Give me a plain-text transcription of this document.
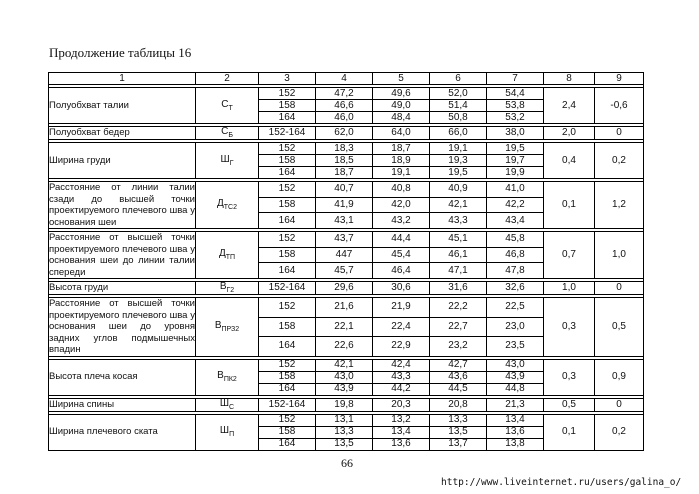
Продолжение таблицы 16
1	2	3	4	5	6	7	8	9

Полуобхват талии	$С_Т$	152	47,2	49,6	52,0	54,4	2,4	-0,6
		158	46,6	49,0	51,4	53,8		
		164	46,0	48,4	50,8	53,2		

Полуобхват бедер	$С_Б$	152-164	62,0	64,0	66,0	38,0	2,0	0

Ширина груди	$Ш_Г$	152	18,3	18,7	19,1	19,5	0,4	0,2
		158	18,5	18,9	19,3	19,7		
		164	18,7	19,1	19,5	19,9		

Расстояние от линии талии сзади до высшей точки проектируемого плечевого шва у основания шеи	$Д_{ТС2}$	152	40,7	40,8	40,9	41,0	0,1	1,2
		158	41,9	42,0	42,1	42,2		
		164	43,1	43,2	43,3	43,4		

Расстояние от высшей точки проектируемого плечевого шва у основания шеи до линии талии спереди	$Д_{ТП}$	152	43,7	44,4	45,1	45,8	0,7	1,0
		158	447	45,4	46,1	46,8		
		164	45,7	46,4	47,1	47,8		

Высота груди	$В_{Г2}$	152-164	29,6	30,6	31,6	32,6	1,0	0

Расстояние от высшей точки проектируемого плечевого шва у основания шеи до уровня задних углов подмышечных впадин	$В_{ПРЗ2}$	152	21,6	21,9	22,2	22,5	0,3	0,5
		158	22,1	22,4	22,7	23,0		
		164	22,6	22,9	23,2	23,5		

Высота плеча косая	$В_{ПК2}$	152	42,1	42,4	42,7	43,0	0,3	0,9
		158	43,0	43,3	43,6	43,9		
		164	43,9	44,2	44,5	44,8		

Ширина спины	$Ш_С$	152-164	19,8	20,3	20,8	21,3	0,5	0

Ширина плечевого ската	$Ш_П$	152	13,1	13,2	13,3	13,4	0,1	0,2
		158	13,3	13,4	13,5	13,6		
		164	13,5	13,6	13,7	13,8		
66
http://www.liveinternet.ru/users/galina_o/
